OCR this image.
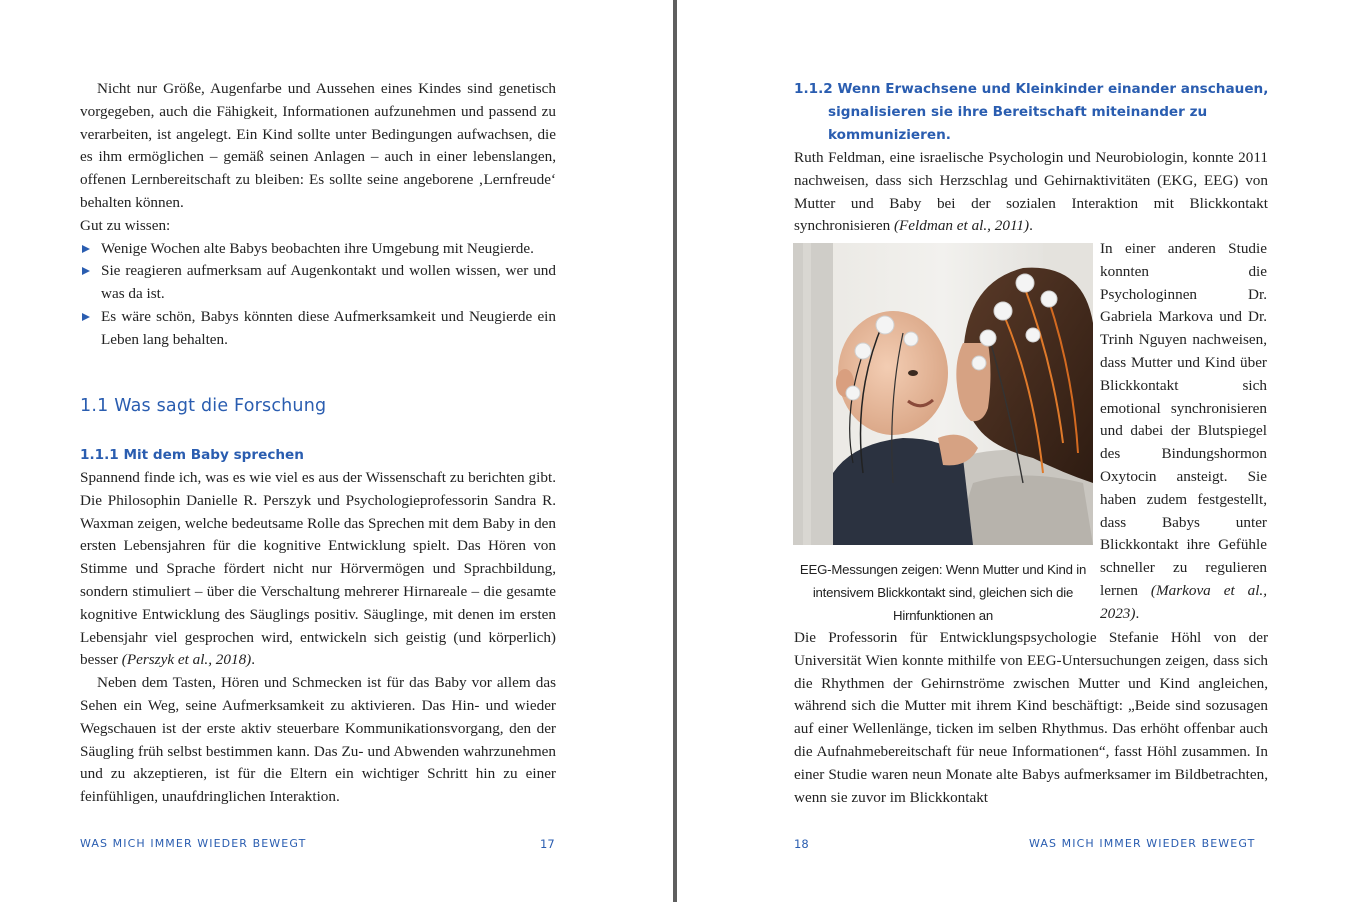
Nicht nur Größe, Augenfarbe und Aussehen eines Kindes sind genetisch vorgegeben, auch die Fähigkeit, Informationen aufzunehmen und passend zu verarbeiten, ist angelegt. Ein Kind sollte unter Bedingungen aufwachsen, die es ihm ermöglichen – gemäß seinen Anlagen – auch in einer lebenslangen, offenen Lernbereitschaft zu bleiben: Es sollte seine angeborene ‚Lernfreude‘ behalten können.

Gut zu wissen:

Wenige Wochen alte Babys beobachten ihre Umgebung mit Neugierde.
Sie reagieren aufmerksam auf Augenkontakt und wollen wissen, wer und was da ist.
Es wäre schön, Babys könnten diese Aufmerksamkeit und Neugierde ein Leben lang behalten.
1.1 Was sagt die Forschung
1.1.1 Mit dem Baby sprechen

Spannend finde ich, was es wie viel es aus der Wissenschaft zu berichten gibt. Die Philosophin Danielle R. Perszyk und Psychologieprofessorin Sandra R. Waxman zeigen, welche bedeutsame Rolle das Sprechen mit dem Baby in den ersten Lebensjahren für die kognitive Entwicklung spielt. Das Hören von Stimme und Sprache fördert nicht nur Hörvermögen und Sprachbildung, sondern stimuliert – über die Verschaltung mehrerer Hirnareale – die gesamte kognitive Entwicklung des Säuglings positiv. Säuglinge, mit denen im ersten Lebensjahr viel gesprochen wird, entwickeln sich geistig (und körperlich) besser (Perszyk et al., 2018).

Neben dem Tasten, Hören und Schmecken ist für das Baby vor allem das Sehen ein Weg, seine Aufmerksamkeit zu aktivieren. Das Hin- und wieder Wegschauen ist der erste aktiv steuerbare Kommunikationsvorgang, den der Säugling früh selbst bestimmen kann. Das Zu- und Abwenden wahrzunehmen und zu akzeptieren, ist für die Eltern ein wichtiger Schritt hin zu einer feinfühligen, unaufdringlichen Interaktion.

WAS MICH IMMER WIEDER BEWEGT	17
1.1.2 Wenn Erwachsene und Kleinkinder einander anschauen,
signalisieren sie ihre Bereitschaft miteinander zu
kommunizieren.

Ruth Feldman, eine israelische Psychologin und Neurobiologin, konnte 2011 nachweisen, dass sich Herzschlag und Gehirnaktivitäten (EKG, EEG) von Mutter und Baby bei der sozialen Interaktion mit Blickkontakt synchronisieren (Feldman et al., 2011).

EEG-Messungen zeigen: Wenn Mutter und Kind in intensivem Blickkontakt sind, gleichen sich die Hirnfunktionen an

In einer anderen Studie konnten die Psychologinnen Dr. Gabriela Markova und Dr. Trinh Nguyen nachweisen, dass Mutter und Kind über Blickkontakt sich emotional synchronisieren und dabei der Blutspiegel des Bindungshormon Oxytocin ansteigt. Sie haben zudem festgestellt, dass Babys unter Blickkontakt ihre Gefühle schneller zu regulieren lernen (Markova et al., 2023).

Die Professorin für Entwicklungspsychologie Stefanie Höhl von der Universität Wien konnte mithilfe von EEG-Untersuchungen zeigen, dass sich die Rhythmen der Gehirnströme zwischen Mutter und Kind angleichen, während sich die Mutter mit ihrem Kind beschäftigt: „Beide sind sozusagen auf einer Wellenlänge, ticken im selben Rhythmus. Das erhöht offenbar auch die Aufnahmebereitschaft für neue Informationen“, fasst Höhl zusammen. In einer Studie waren neun Monate alte Babys aufmerksamer im Bildbetrachten, wenn sie zuvor im Blickkontakt

18	WAS MICH IMMER WIEDER BEWEGT
